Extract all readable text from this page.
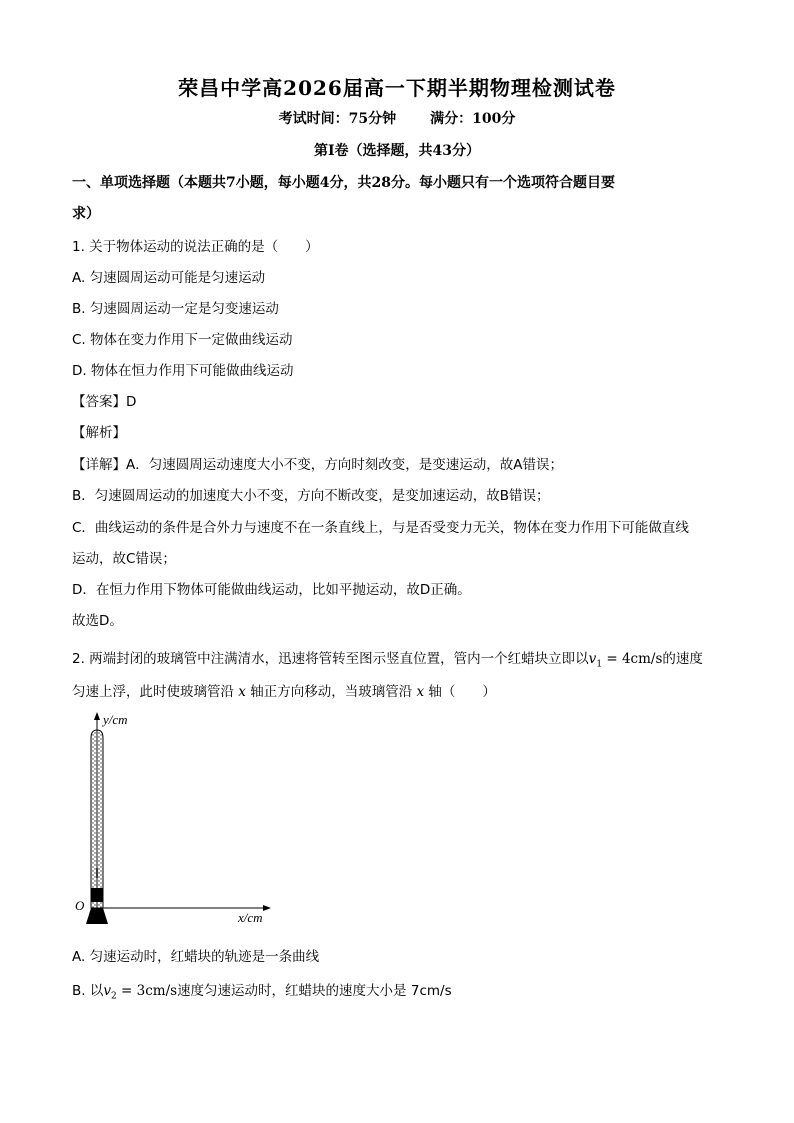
荣昌中学高2026届高一下期半期物理检测试卷
考试时间：75分钟 满分：100分
第Ⅰ卷（选择题，共43分）
一、单项选择题（本题共7小题，每小题4分，共28分。每小题只有一个选项符合题目要
求）
1. 关于物体运动的说法正确的是（　　）
A. 匀速圆周运动可能是匀速运动
B. 匀速圆周运动一定是匀变速运动
C. 物体在变力作用下一定做曲线运动
D. 物体在恒力作用下可能做曲线运动
【答案】D
【解析】
【详解】A．匀速圆周运动速度大小不变，方向时刻改变，是变速运动，故A错误；
B．匀速圆周运动的加速度大小不变，方向不断改变，是变加速运动，故B错误；
C．曲线运动的条件是合外力与速度不在一条直线上，与是否受变力无关，物体在变力作用下可能做直线
运动，故C错误；
D．在恒力作用下物体可能做曲线运动，比如平抛运动，故D正确。
故选D。
2. 两端封闭的玻璃管中注满清水，迅速将管转至图示竖直位置，管内一个红蜡块立即以$v_1 = 4cm/s$的速度
匀速上浮，此时使玻璃管沿 x 轴正方向移动，当玻璃管沿 x 轴（　　）
y/cm
x/cm
O
A. 匀速运动时，红蜡块的轨迹是一条曲线
B. 以$v_2 = 3cm/s$速度匀速运动时，红蜡块的速度大小是 7cm/s
